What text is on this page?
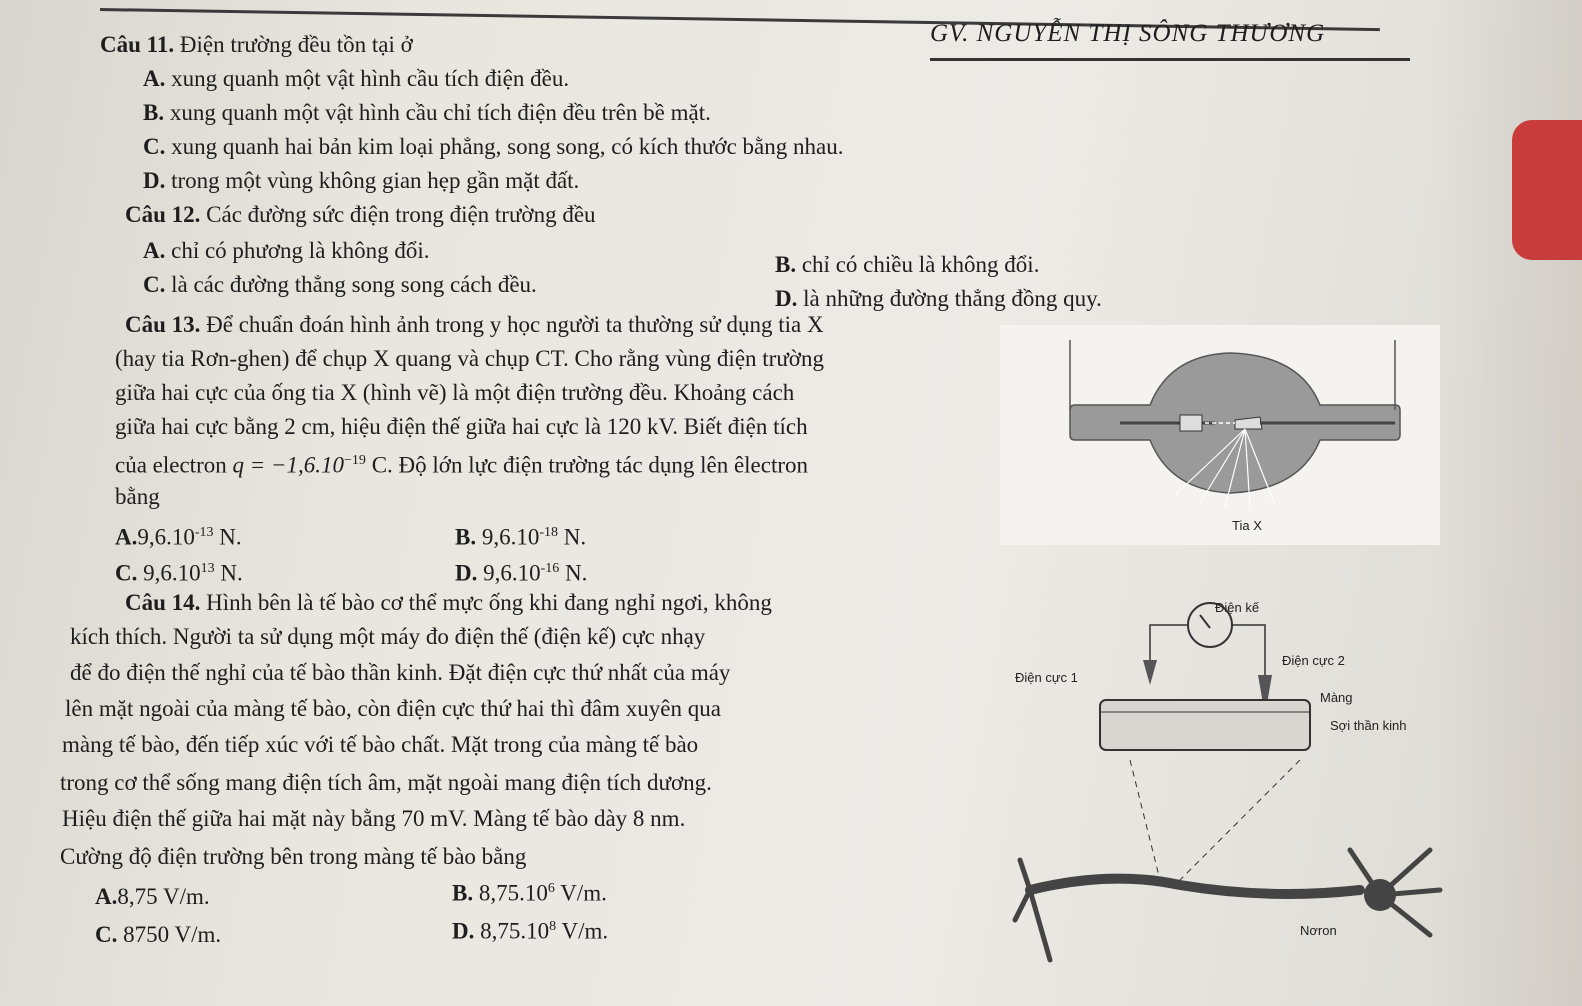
GV. NGUYỄN THỊ SÔNG THƯƠNG
Câu 11. Điện trường đều tồn tại ở
A. xung quanh một vật hình cầu tích điện đều.
B. xung quanh một vật hình cầu chỉ tích điện đều trên bề mặt.
C. xung quanh hai bản kim loại phẳng, song song, có kích thước bằng nhau.
D. trong một vùng không gian hẹp gần mặt đất.
Câu 12. Các đường sức điện trong điện trường đều
A. chỉ có phương là không đổi.
B. chỉ có chiều là không đổi.
C. là các đường thẳng song song cách đều.
D. là những đường thẳng đồng quy.
Câu 13. Để chuẩn đoán hình ảnh trong y học người ta thường sử dụng tia X
(hay tia Rơn-ghen) để chụp X quang và chụp CT. Cho rằng vùng điện trường
giữa hai cực của ống tia X (hình vẽ) là một điện trường đều. Khoảng cách
giữa hai cực bằng 2 cm, hiệu điện thế giữa hai cực là 120 kV. Biết điện tích
của electron $q = -1,6.10^{-19}$ C. Độ lớn lực điện trường tác dụng lên êlectron
bằng
$A.9,6.10^{-13}$ N.	B. $9,6.10^{-18}$ N.
C. 9,6.10$^{13}$ N.	D. $9,6.10^{-16}$ N.
Tia X
Câu 14. Hình bên là tế bào cơ thể mực ống khi đang nghỉ ngơi, không
kích thích. Người ta sử dụng một máy đo điện thế (điện kế) cực nhạy
để đo điện thế nghỉ của tế bào thần kinh. Đặt điện cực thứ nhất của máy
lên mặt ngoài của màng tế bào, còn điện cực thứ hai thì đâm xuyên qua
màng tế bào, đến tiếp xúc với tế bào chất. Mặt trong của màng tế bào
trong cơ thể sống mang điện tích âm, mặt ngoài mang điện tích dương.
Hiệu điện thế giữa hai mặt này bằng 70 mV. Màng tế bào dày 8 nm.
Cường độ điện trường bên trong màng tế bào bằng
A.8,75 V/m.	B. 8,75.10$^6$ V/m.
C. 8750 V/m.	D. 8,75.10$^8$ V/m.
Điện kế
Điện cực 1
Điện cực 2
Màng
Sợi thần kinh
Nơron
